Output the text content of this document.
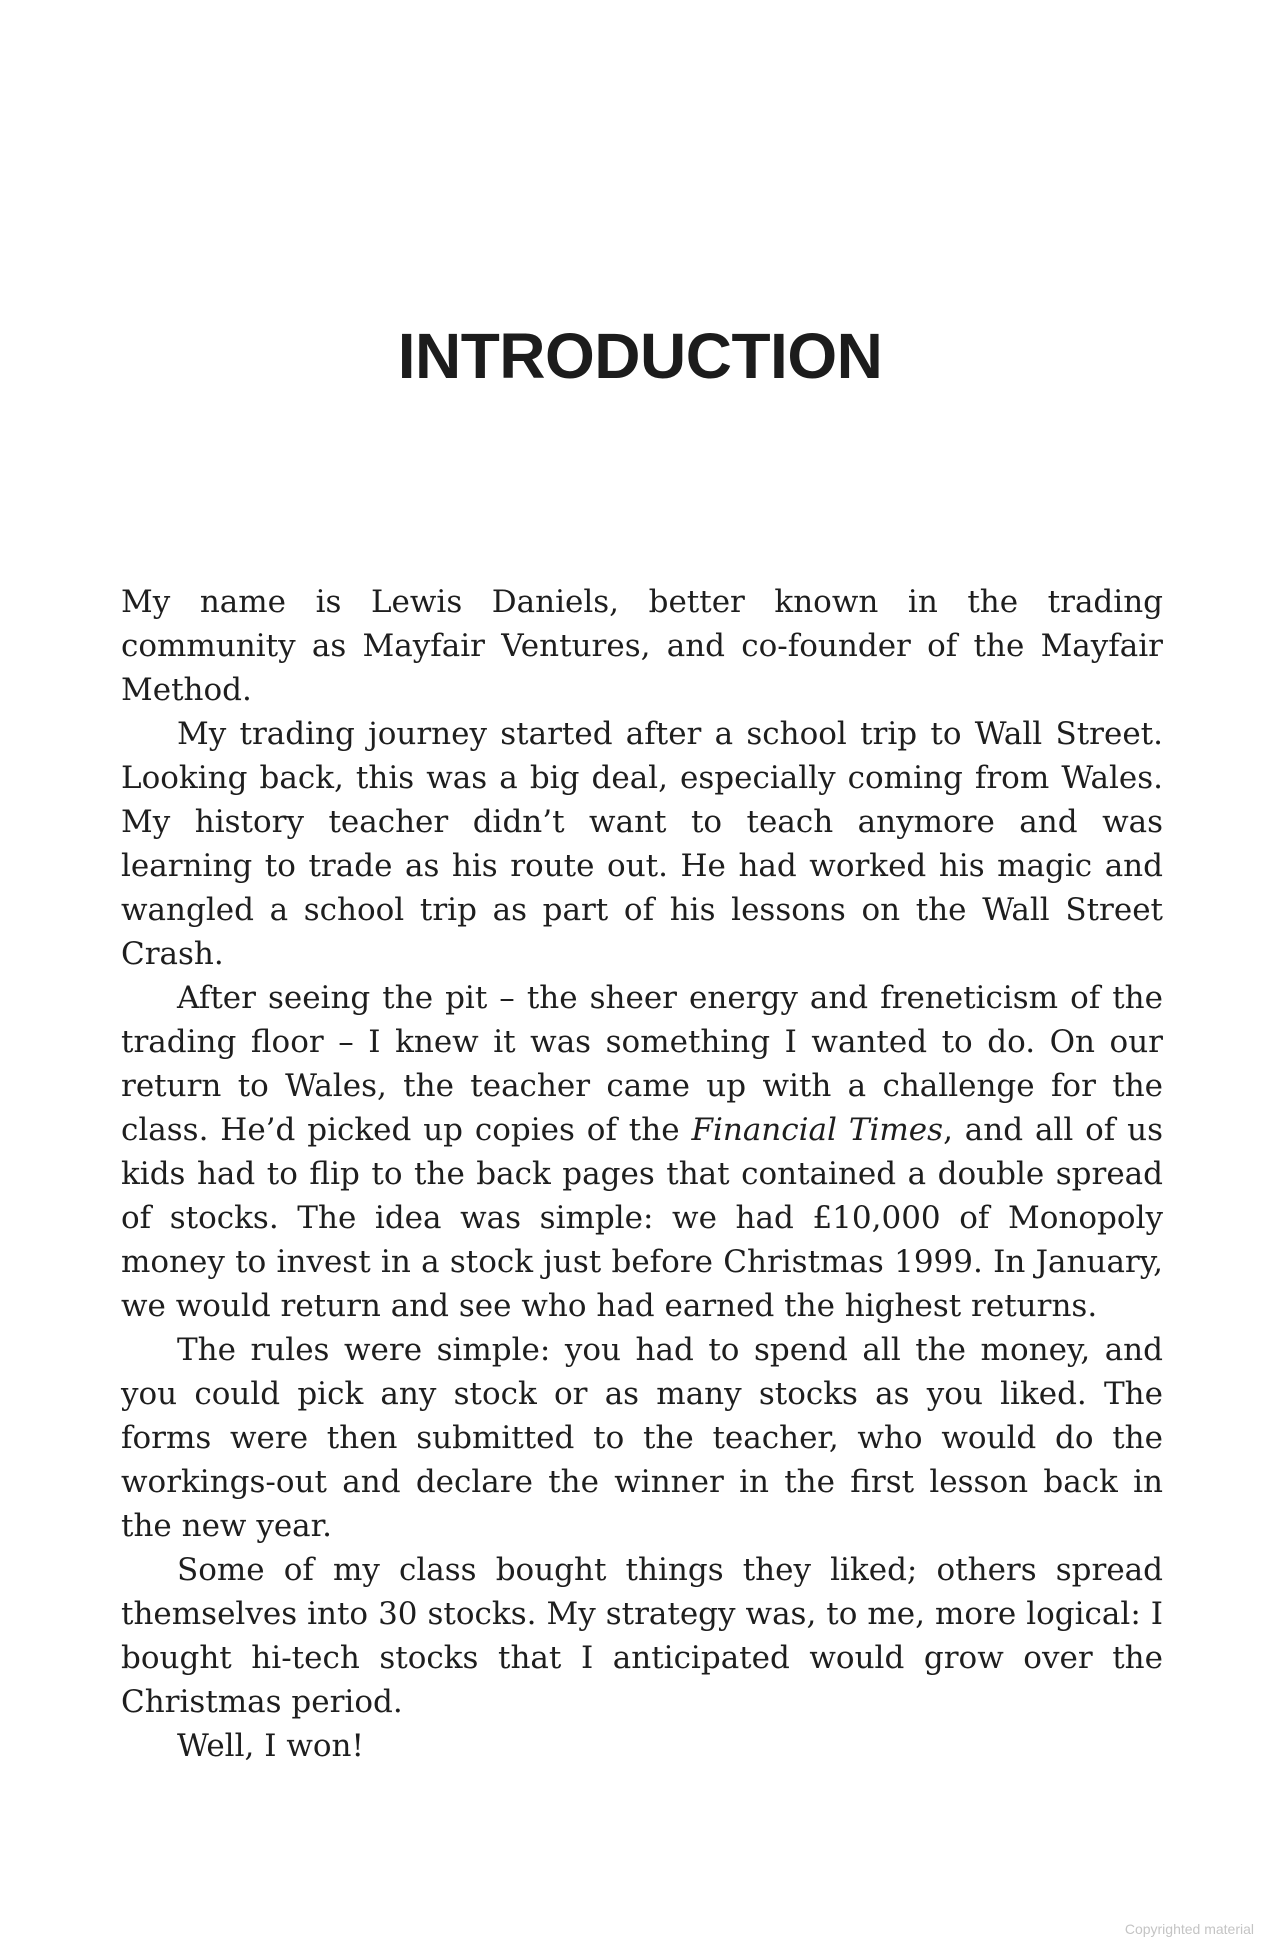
INTRODUCTION

My name is Lewis Daniels, better known in the trading community as Mayfair Ventures, and co-founder of the Mayfair Method.

My trading journey started after a school trip to Wall Street. Looking back, this was a big deal, especially coming from Wales. My history teacher didn’t want to teach anymore and was learning to trade as his route out. He had worked his magic and wangled a school trip as part of his lessons on the Wall Street Crash.

After seeing the pit – the sheer energy and freneticism of the trading floor – I knew it was something I wanted to do. On our return to Wales, the teacher came up with a challenge for the class. He’d picked up copies of the Financial Times, and all of us kids had to flip to the back pages that contained a double spread of stocks. The idea was simple: we had £10,000 of Monopoly money to invest in a stock just before Christmas 1999. In January, we would return and see who had earned the highest returns.

The rules were simple: you had to spend all the money, and you could pick any stock or as many stocks as you liked. The forms were then submitted to the teacher, who would do the workings-out and declare the winner in the first lesson back in the new year.

Some of my class bought things they liked; others spread themselves into 30 stocks. My strategy was, to me, more logical: I bought hi-tech stocks that I anticipated would grow over the Christmas period.

Well, I won!

Copyrighted material
